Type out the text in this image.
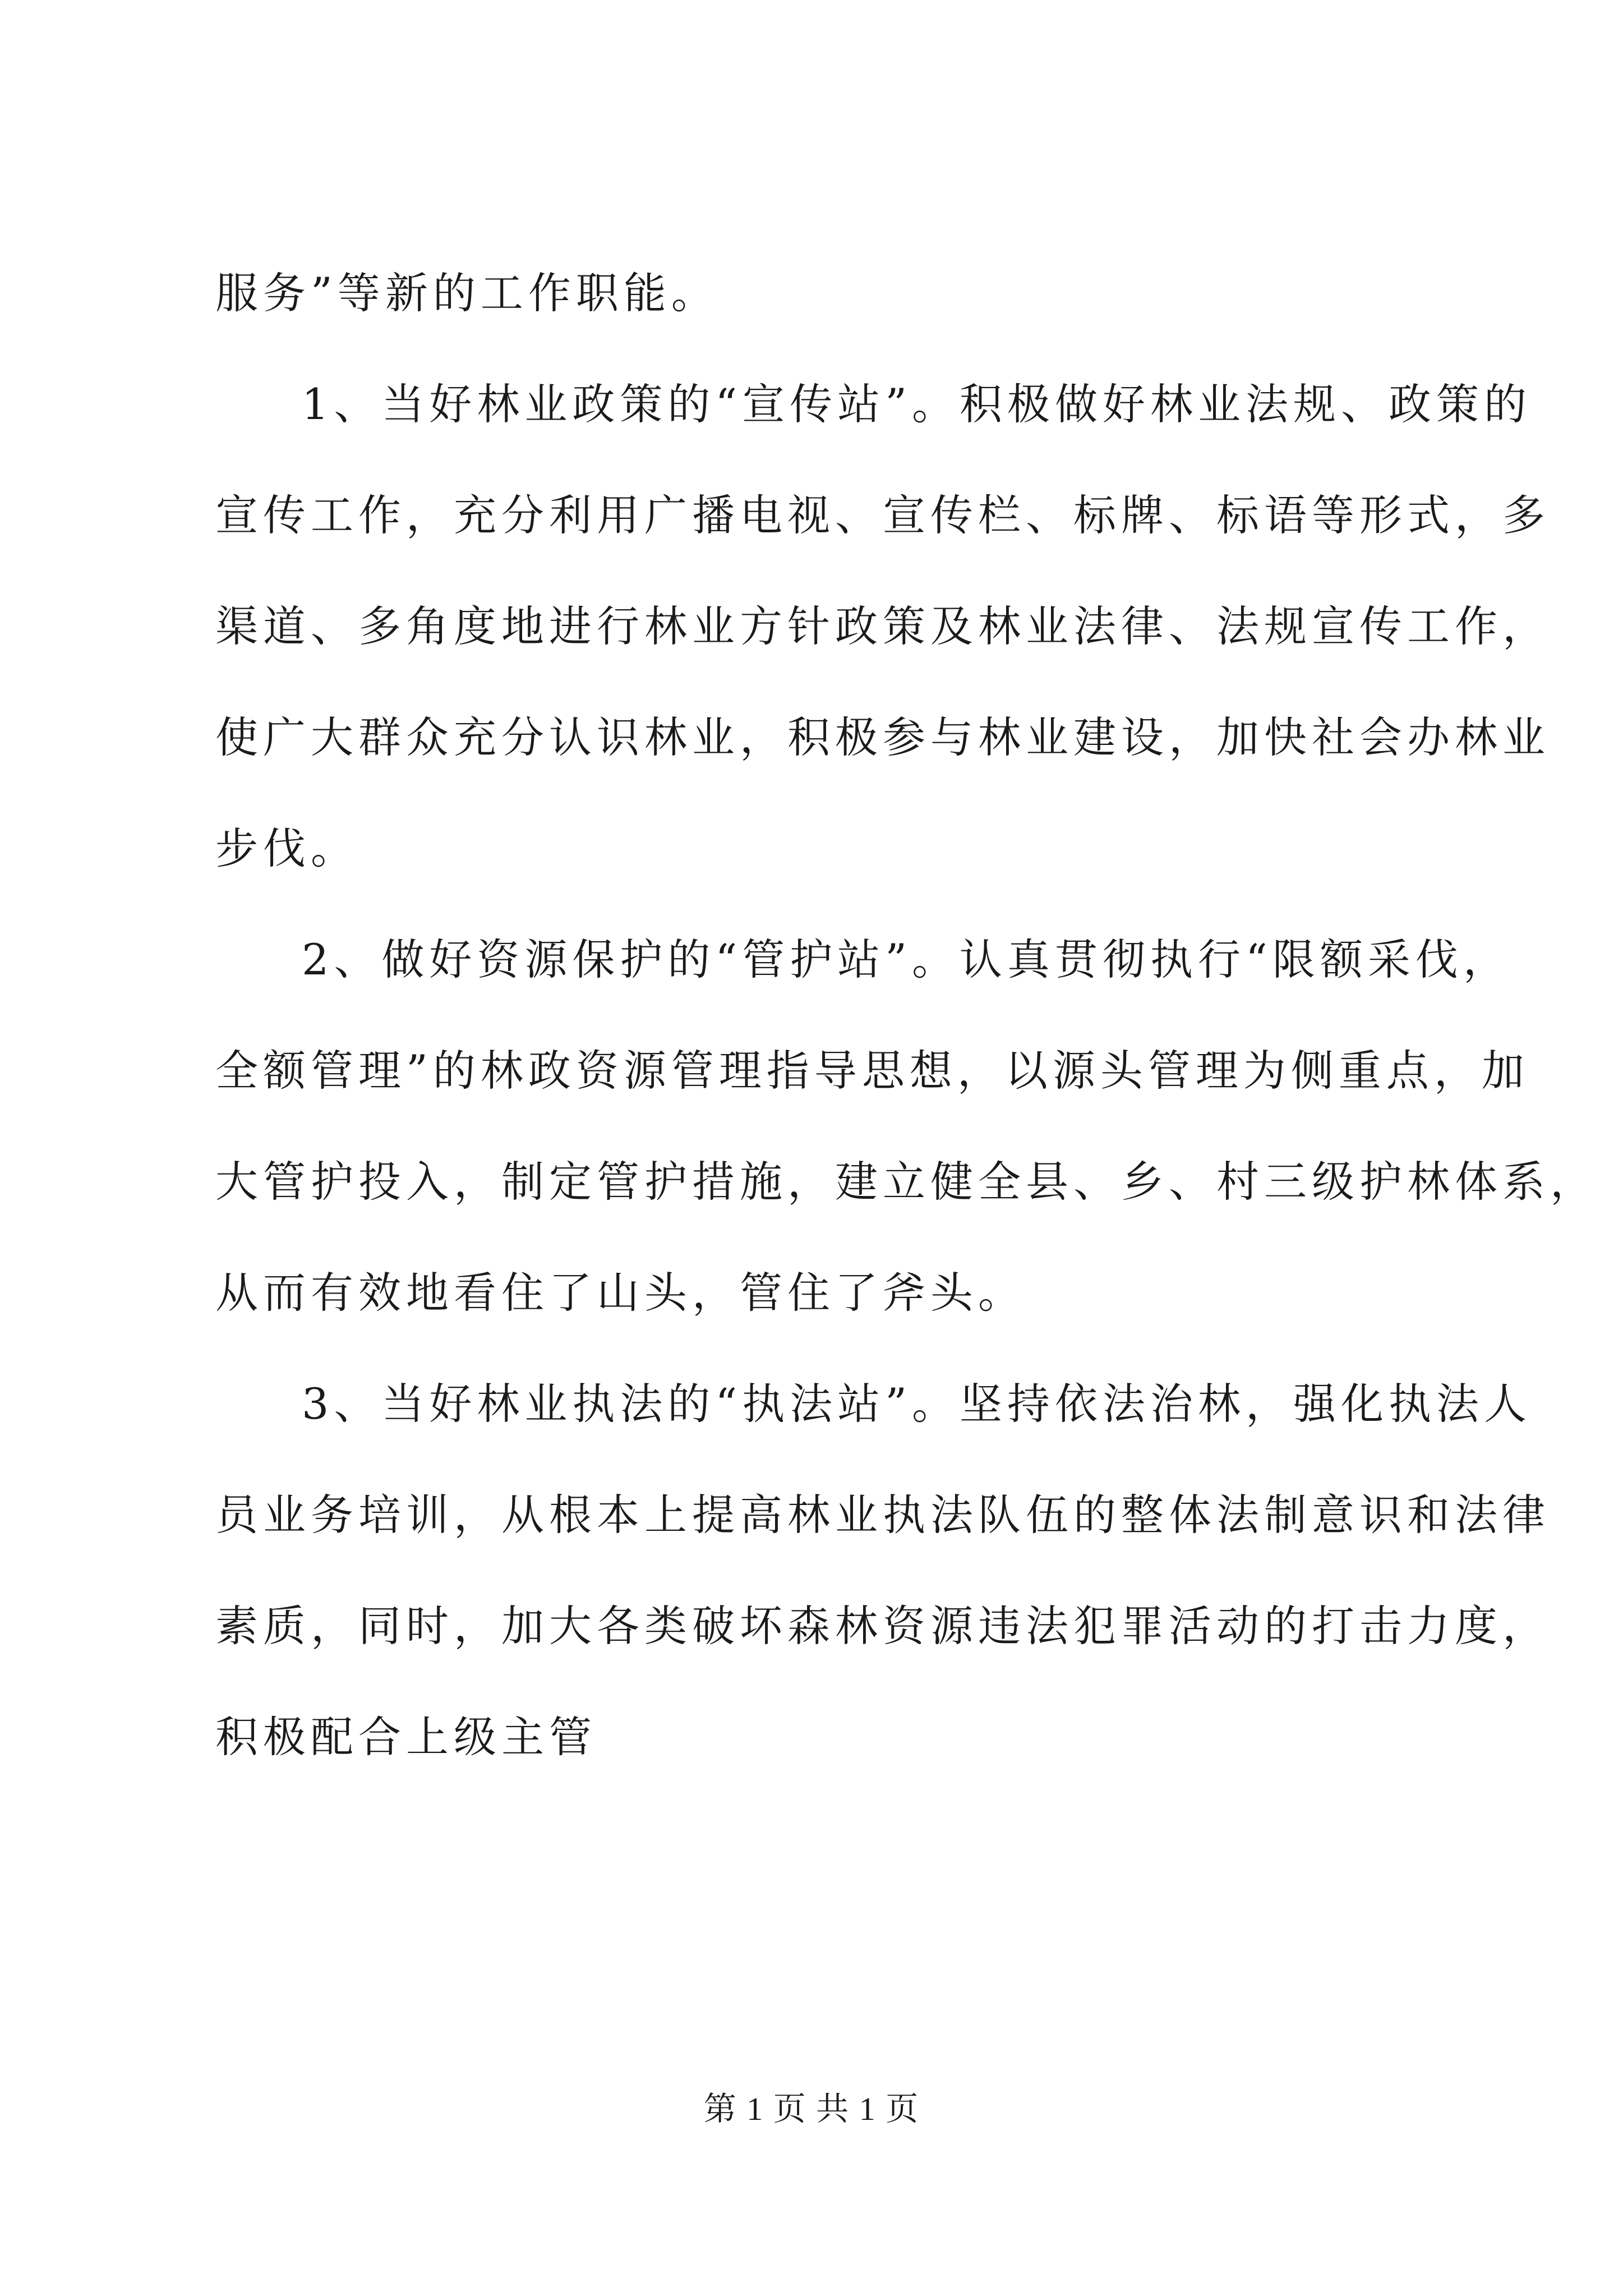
服务”等新的工作职能。
1、当好林业政策的“宣传站”。积极做好林业法规、政策的
宣传工作，充分利用广播电视、宣传栏、标牌、标语等形式，多
渠道、多角度地进行林业方针政策及林业法律、法规宣传工作，
使广大群众充分认识林业，积极参与林业建设，加快社会办林业
步伐。
2、做好资源保护的“管护站”。认真贯彻执行“限额采伐，
全额管理”的林政资源管理指导思想，以源头管理为侧重点，加
大管护投入，制定管护措施，建立健全县、乡、村三级护林体系，
从而有效地看住了山头，管住了斧头。
3、当好林业执法的“执法站”。坚持依法治林，强化执法人
员业务培训，从根本上提高林业执法队伍的整体法制意识和法律
素质，同时，加大各类破坏森林资源违法犯罪活动的打击力度，
积极配合上级主管
第 1 页 共 1 页
